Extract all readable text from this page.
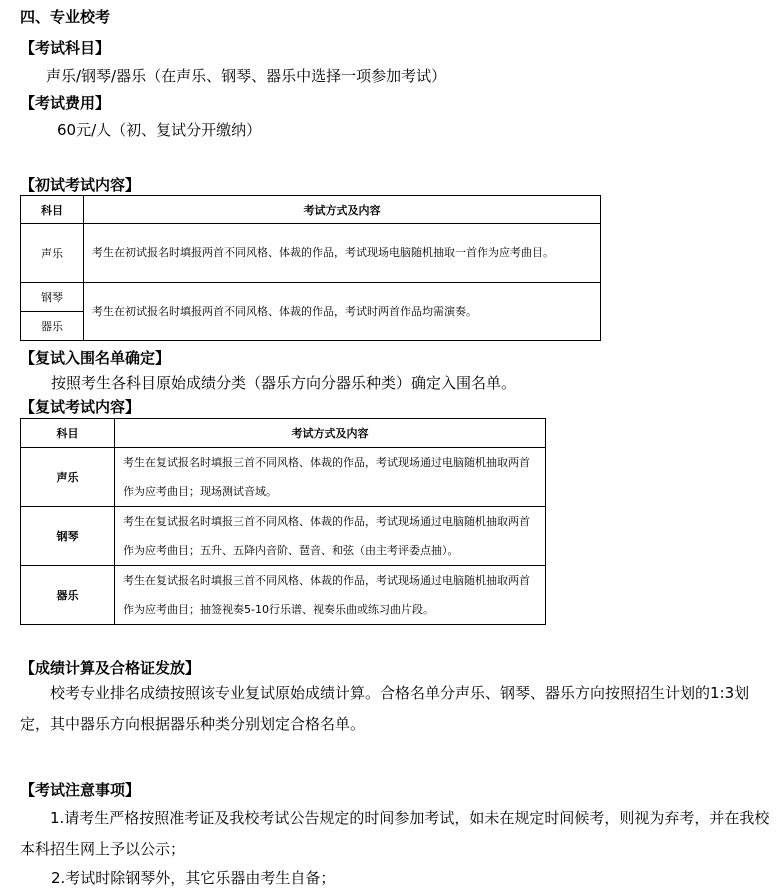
四、专业校考
【考试科目】
声乐/钢琴/器乐（在声乐、钢琴、器乐中选择一项参加考试）
【考试费用】
60元/人（初、复试分开缴纳）
【初试考试内容】
科目	考试方式及内容
声乐	考生在初试报名时填报两首不同风格、体裁的作品，考试现场电脑随机抽取一首作为应考曲目。
钢琴	考生在初试报名时填报两首不同风格、体裁的作品，考试时两首作品均需演奏。
器乐	
【复试入围名单确定】
按照考生各科目原始成绩分类（器乐方向分器乐种类）确定入围名单。
【复试考试内容】
科目	考试方式及内容
声乐	考生在复试报名时填报三首不同风格、体裁的作品，考试现场通过电脑随机抽取两首作为应考曲目；现场测试音域。
钢琴	考生在复试报名时填报三首不同风格、体裁的作品，考试现场通过电脑随机抽取两首作为应考曲目；五升、五降内音阶、琶音、和弦（由主考评委点抽）。
器乐	考生在复试报名时填报三首不同风格、体裁的作品，考试现场通过电脑随机抽取两首作为应考曲目；抽签视奏5-10行乐谱、视奏乐曲或练习曲片段。
【成绩计算及合格证发放】
校考专业排名成绩按照该专业复试原始成绩计算。合格名单分声乐、钢琴、器乐方向按照招生计划的1:3划定，其中器乐方向根据器乐种类分别划定合格名单。
【考试注意事项】
1.请考生严格按照准考证及我校考试公告规定的时间参加考试，如未在规定时间候考，则视为弃考，并在我校本科招生网上予以公示；
2.考试时除钢琴外，其它乐器由考生自备；
